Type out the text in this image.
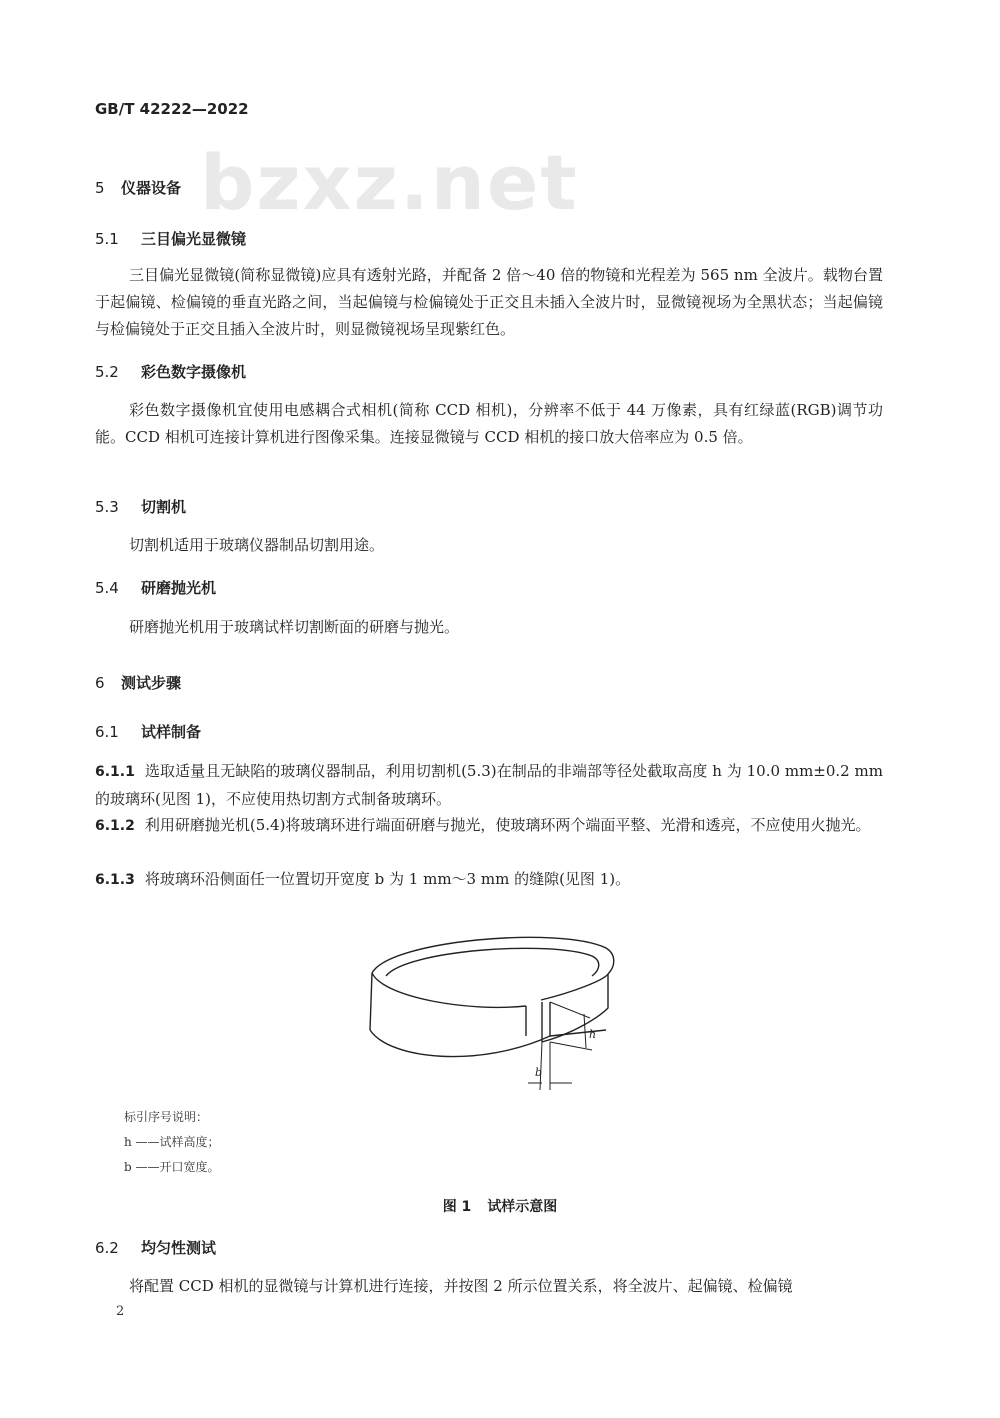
bzxz.net
GB/T 42222—2022
5 仪器设备
5.1 三目偏光显微镜

三目偏光显微镜(简称显微镜)应具有透射光路，并配备 2 倍～40 倍的物镜和光程差为 565 nm 全波片。载物台置于起偏镜、检偏镜的垂直光路之间，当起偏镜与检偏镜处于正交且未插入全波片时，显微镜视场为全黑状态；当起偏镜与检偏镜处于正交且插入全波片时，则显微镜视场呈现紫红色。

5.2 彩色数字摄像机

彩色数字摄像机宜使用电感耦合式相机(简称 CCD 相机)，分辨率不低于 44 万像素，具有红绿蓝(RGB)调节功能。CCD 相机可连接计算机进行图像采集。连接显微镜与 CCD 相机的接口放大倍率应为 0.5 倍。

5.3 切割机

切割机适用于玻璃仪器制品切割用途。

5.4 研磨抛光机

研磨抛光机用于玻璃试样切割断面的研磨与抛光。

6 测试步骤
6.1 试样制备

6.1.1 选取适量且无缺陷的玻璃仪器制品，利用切割机(5.3)在制品的非端部等径处截取高度 h 为 10.0 mm±0.2 mm 的玻璃环(见图 1)，不应使用热切割方式制备玻璃环。

6.1.2 利用研磨抛光机(5.4)将玻璃环进行端面研磨与抛光，使玻璃环两个端面平整、光滑和透亮，不应使用火抛光。

6.1.3 将玻璃环沿侧面任一位置切开宽度 b 为 1 mm～3 mm 的缝隙(见图 1)。

h
b
标引序号说明：
h ——试样高度；
b ——开口宽度。
图 1 试样示意图
6.2 均匀性测试

将配置 CCD 相机的显微镜与计算机进行连接，并按图 2 所示位置关系，将全波片、起偏镜、检偏镜

2
